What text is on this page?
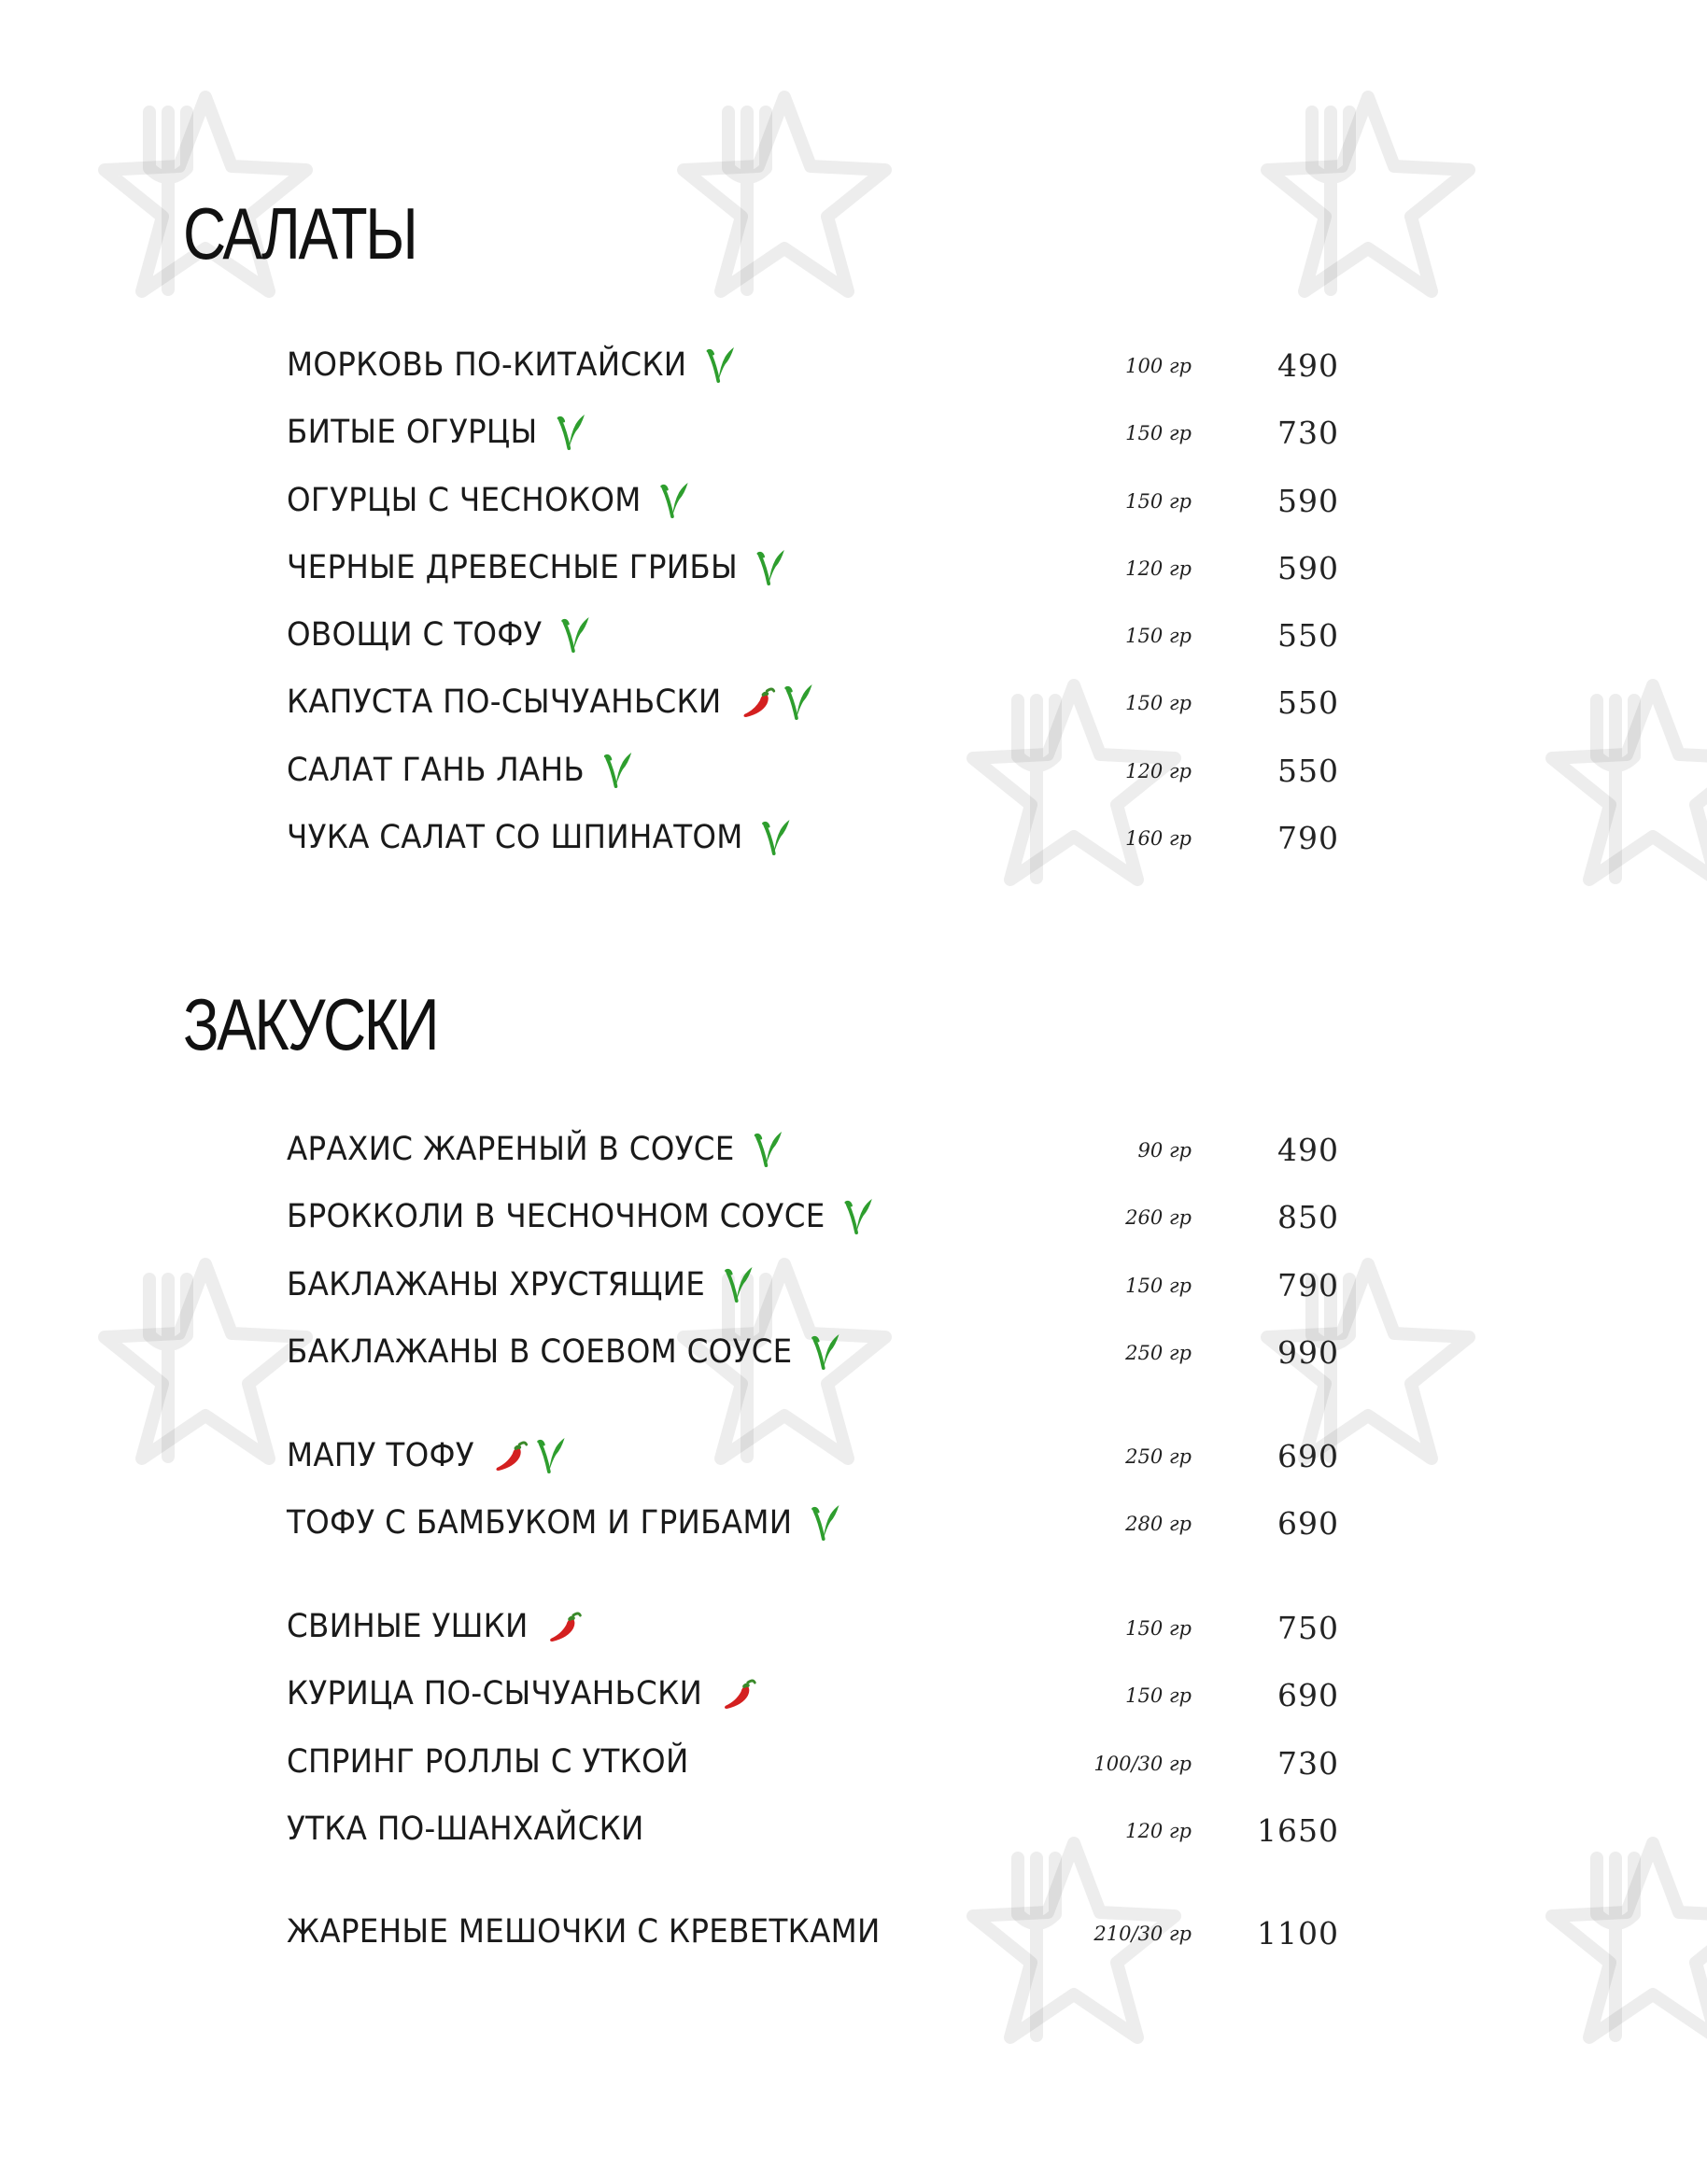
САЛАТЫ
ЗАКУСКИ
МОРКОВЬ ПО-КИТАЙСКИ	100 гр	490
БИТЫЕ ОГУРЦЫ	150 гр	730
ОГУРЦЫ С ЧЕСНОКОМ	150 гр	590
ЧЕРНЫЕ ДРЕВЕСНЫЕ ГРИБЫ	120 гр	590
ОВОЩИ С ТОФУ	150 гр	550
КАПУСТА ПО-СЫЧУАНЬСКИ	150 гр	550
САЛАТ ГАНЬ ЛАНЬ	120 гр	550
ЧУКА САЛАТ СО ШПИНАТОМ	160 гр	790
АРАХИС ЖАРЕНЫЙ В СОУСЕ	90 гр	490
БРОККОЛИ В ЧЕСНОЧНОМ СОУСЕ	260 гр	850
БАКЛАЖАНЫ ХРУСТЯЩИЕ	150 гр	790
БАКЛАЖАНЫ В СОЕВОМ СОУСЕ	250 гр	990
МАПУ ТОФУ	250 гр	690
ТОФУ С БАМБУКОМ И ГРИБАМИ	280 гр	690
СВИНЫЕ УШКИ	150 гр	750
КУРИЦА ПО-СЫЧУАНЬСКИ	150 гр	690
СПРИНГ РОЛЛЫ С УТКОЙ	100/30 гр	730
УТКА ПО-ШАНХАЙСКИ	120 гр 1650
ЖАРЕНЫЕ МЕШОЧКИ С КРЕВЕТКАМИ	210/30 гр 1100
